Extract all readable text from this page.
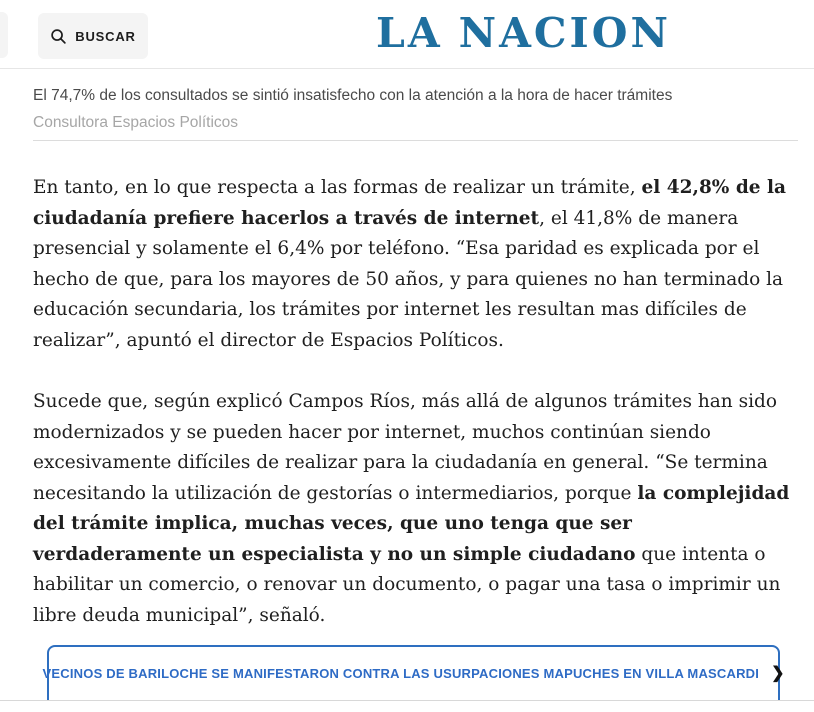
BUSCAR	LA NACION
El 74,7% de los consultados se sintió insatisfecho con la atención a la hora de hacer trámites
Consultora Espacios Políticos

En tanto, en lo que respecta a las formas de realizar un trámite, el 42,8% de la ciudadanía prefiere hacerlos a través de internet, el 41,8% de manera presencial y solamente el 6,4% por teléfono. “Esa paridad es explicada por el hecho de que, para los mayores de 50 años, y para quienes no han terminado la educación secundaria, los trámites por internet les resultan mas difíciles de realizar”, apuntó el director de Espacios Políticos.

Sucede que, según explicó Campos Ríos, más allá de algunos trámites han sido modernizados y se pueden hacer por internet, muchos continúan siendo excesivamente difíciles de realizar para la ciudadanía en general. “Se termina necesitando la utilización de gestorías o intermediarios, porque la complejidad del trámite implica, muchas veces, que uno tenga que ser verdaderamente un especialista y no un simple ciudadano que intenta o habilitar un comercio, o renovar un documento, o pagar una tasa o imprimir un libre deuda municipal”, señaló.

VECINOS DE BARILOCHE SE MANIFESTARON CONTRA LAS USURPACIONES MAPUCHES EN VILLA MASCARDI ❯
